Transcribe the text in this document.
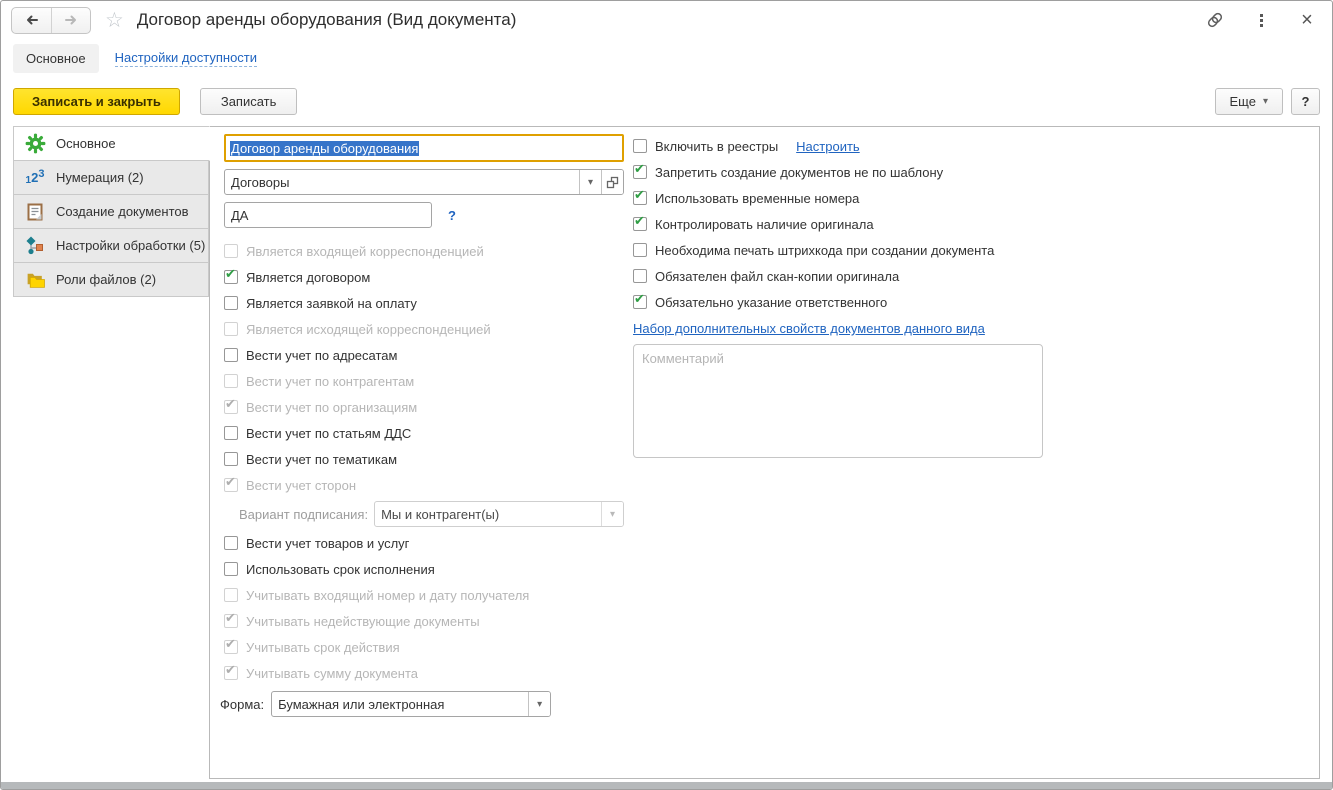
☆ Договор аренды оборудования (Вид документа)	×
Основное	Настройки доступности
Записать и закрыть	Записать	Еще ▾	?
Основное
1 2 3 Нумерация (2)
Создание документов
Настройки обработки (5)
Роли файлов (2)
Договор аренды оборудования
Договоры
▾
ДА
?
Является входящей корреспонденцией
✔ Является договором
Является заявкой на оплату
Является исходящей корреспонденцией
Вести учет по адресатам
Вести учет по контрагентам
✔ Вести учет по организациям
Вести учет по статьям ДДС
Вести учет по тематикам
✔ Вести учет сторон
Вариант подписания:
Мы и контрагент(ы)	▾
Вести учет товаров и услуг
Использовать срок исполнения
Учитывать входящий номер и дату получателя
✔ Учитывать недействующие документы
✔ Учитывать срок действия
✔ Учитывать сумму документа
Форма:
Бумажная или электронная	▾
Включить в реестры Настроить
✔ Запретить создание документов не по шаблону
✔ Использовать временные номера
✔ Контролировать наличие оригинала
Необходима печать штрихкода при создании документа
Обязателен файл скан-копии оригинала
✔ Обязательно указание ответственного
Набор дополнительных свойств документов данного вида
Комментарий
